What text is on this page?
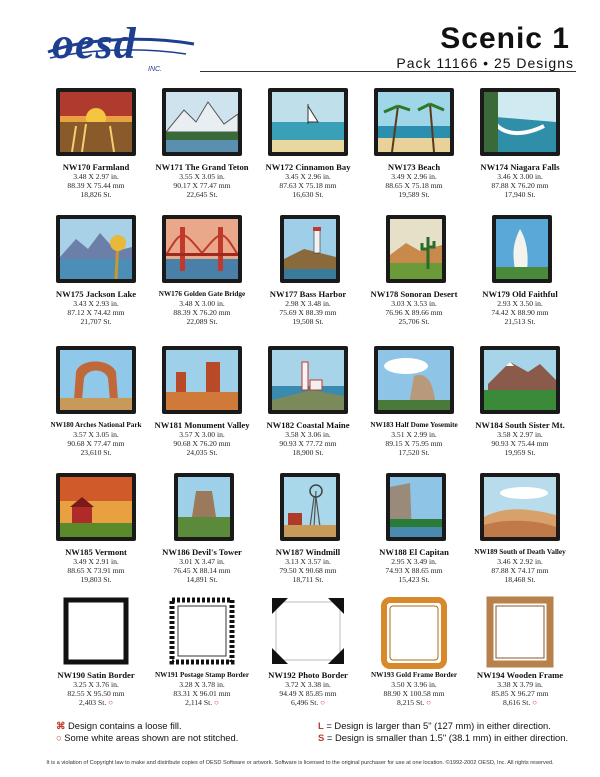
oesd
INC.
Scenic 1
Pack 11166 • 25 Designs
NW170 Farmland
3.48 X 2.97 in.
88.39 X 75.44 mm
18,826 St.
NW171 The Grand Teton
3.55 X 3.05 in.
90.17 X 77.47 mm
22,645 St.
NW172 Cinnamon Bay
3.45 X 2.96 in.
87.63 X 75.18 mm
16,630 St.
NW173 Beach
3.49 X 2.96 in.
88.65 X 75.18 mm
19,589 St.
NW174 Niagara Falls
3.46 X 3.00 in.
87.88 X 76.20 mm
17,940 St.
NW175 Jackson Lake
3.43 X 2.93 in.
87.12 X 74.42 mm
21,707 St.
NW176 Golden Gate Bridge
3.48 X 3.00 in.
88.39 X 76.20 mm
22,089 St.
NW177 Bass Harbor
2.98 X 3.48 in.
75.69 X 88.39 mm
19,508 St.
NW178 Sonoran Desert
3.03 X 3.53 in.
76.96 X 89.66 mm
25,706 St.
NW179 Old Faithful
2.93 X 3.50 in.
74.42 X 88.90 mm
21,513 St.
NW180 Arches National Park
3.57 X 3.05 in.
90.68 X 77.47 mm
23,610 St.
NW181 Monument Valley
3.57 X 3.00 in.
90.68 X 76.20 mm
24,035 St.
NW182 Coastal Maine
3.58 X 3.06 in.
90.93 X 77.72 mm
18,900 St.
NW183 Half Dome Yosemite
3.51 X 2.99 in.
89.15 X 75.95 mm
17,520 St.
NW184 South Sister Mt.
3.58 X 2.97 in.
90.93 X 75.44 mm
19,959 St.
NW185 Vermont
3.49 X 2.91 in.
88.65 X 73.91 mm
19,803 St.
NW186 Devil's Tower
3.01 X 3.47 in.
76.45 X 88.14 mm
14,891 St.
NW187 Windmill
3.13 X 3.57 in.
79.50 X 90.68 mm
18,711 St.
NW188 El Capitan
2.95 X 3.49 in.
74.93 X 88.65 mm
15,423 St.
NW189 South of Death Valley
3.46 X 2.92 in.
87.88 X 74.17 mm
18,468 St.
NW190 Satin Border
3.25 X 3.76 in.
82.55 X 95.50 mm
2,403 St. ○
NW191 Postage Stamp Border
3.28 X 3.78 in.
83.31 X 96.01 mm
2,114 St. ○
NW192 Photo Border
3.72 X 3.38 in.
94.49 X 85.85 mm
6,496 St. ○
NW193 Gold Frame Border
3.50 X 3.96 in.
88.90 X 100.58 mm
8,215 St. ○
NW194 Wooden Frame
3.38 X 3.79 in.
85.85 X 96.27 mm
8,616 St. ○
⌘ Design contains a loose fill.
○ Some white areas shown are not stitched.
L = Design is larger than 5" (127 mm) in either direction.
S = Design is smaller than 1.5" (38.1 mm) in either direction.
It is a violation of Copyright law to make and distribute copies of OESD Software or artwork. Software is licensed to the original purchaser for use at one location. ©1992-2002 OESD, Inc. All rights reserved.
